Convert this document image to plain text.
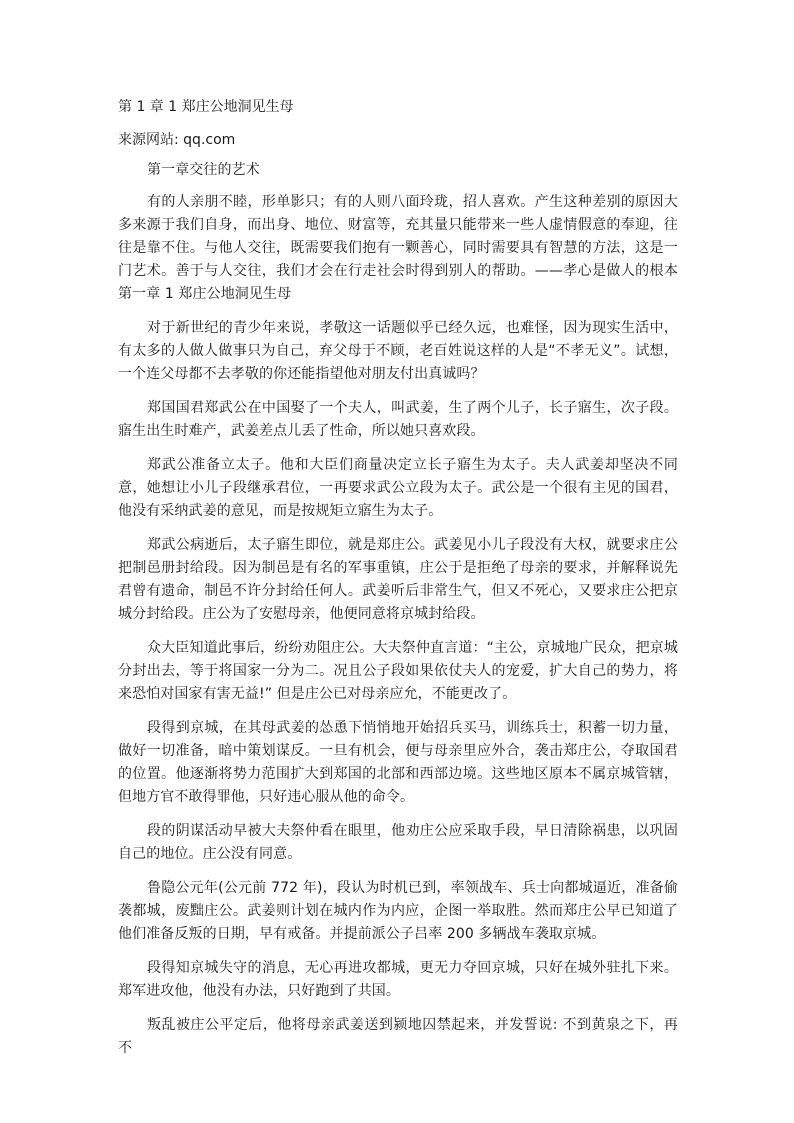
第 1 章 1 郑庄公地洞见生母
来源网站: qq.com
第一章交往的艺术
有的人亲朋不睦，形单影只；有的人则八面玲珑，招人喜欢。产生这种差别的原因大多来源于我们自身，而出身、地位、财富等，充其量只能带来一些人虚情假意的奉迎，往往是靠不住。与他人交往，既需要我们抱有一颗善心，同时需要具有智慧的方法，这是一门艺术。善于与人交往，我们才会在行走社会时得到别人的帮助。——孝心是做人的根本第一章 1 郑庄公地洞见生母
对于新世纪的青少年来说，孝敬这一话题似乎已经久远，也难怪，因为现实生活中，有太多的人做人做事只为自己，弃父母于不顾，老百姓说这样的人是“不孝无义”。试想，一个连父母都不去孝敬的你还能指望他对朋友付出真诚吗？
郑国国君郑武公在中国娶了一个夫人，叫武姜，生了两个儿子，长子寤生，次子段。寤生出生时难产，武姜差点儿丢了性命，所以她只喜欢段。
郑武公准备立太子。他和大臣们商量决定立长子寤生为太子。夫人武姜却坚决不同意，她想让小儿子段继承君位，一再要求武公立段为太子。武公是一个很有主见的国君，他没有采纳武姜的意见，而是按规矩立寤生为太子。
郑武公病逝后，太子寤生即位，就是郑庄公。武姜见小儿子段没有大权，就要求庄公把制邑册封给段。因为制邑是有名的军事重镇，庄公于是拒绝了母亲的要求，并解释说先君曾有遗命，制邑不许分封给任何人。武姜听后非常生气，但又不死心，又要求庄公把京城分封给段。庄公为了安慰母亲，他便同意将京城封给段。
众大臣知道此事后，纷纷劝阻庄公。大夫祭仲直言道：“主公，京城地广民众，把京城分封出去，等于将国家一分为二。况且公子段如果依仗夫人的宠爱，扩大自己的势力，将来恐怕对国家有害无益!” 但是庄公已对母亲应允，不能更改了。
段得到京城，在其母武姜的怂恿下悄悄地开始招兵买马，训练兵士，积蓄一切力量，做好一切准备，暗中策划谋反。一旦有机会，便与母亲里应外合，袭击郑庄公，夺取国君的位置。他逐渐将势力范围扩大到郑国的北部和西部边境。这些地区原本不属京城管辖，但地方官不敢得罪他，只好违心服从他的命令。
段的阴谋活动早被大夫祭仲看在眼里，他劝庄公应采取手段，早日清除祸患，以巩固自己的地位。庄公没有同意。
鲁隐公元年(公元前 772 年)，段认为时机已到，率领战车、兵士向都城逼近，准备偷袭都城，废黜庄公。武姜则计划在城内作为内应，企图一举取胜。然而郑庄公早已知道了他们准备反叛的日期，早有戒备。并提前派公子吕率 200 多辆战车袭取京城。
段得知京城失守的消息，无心再进攻都城，更无力夺回京城，只好在城外驻扎下来。郑军进攻他，他没有办法，只好跑到了共国。
叛乱被庄公平定后，他将母亲武姜送到颍地囚禁起来，并发誓说: 不到黄泉之下，再不
